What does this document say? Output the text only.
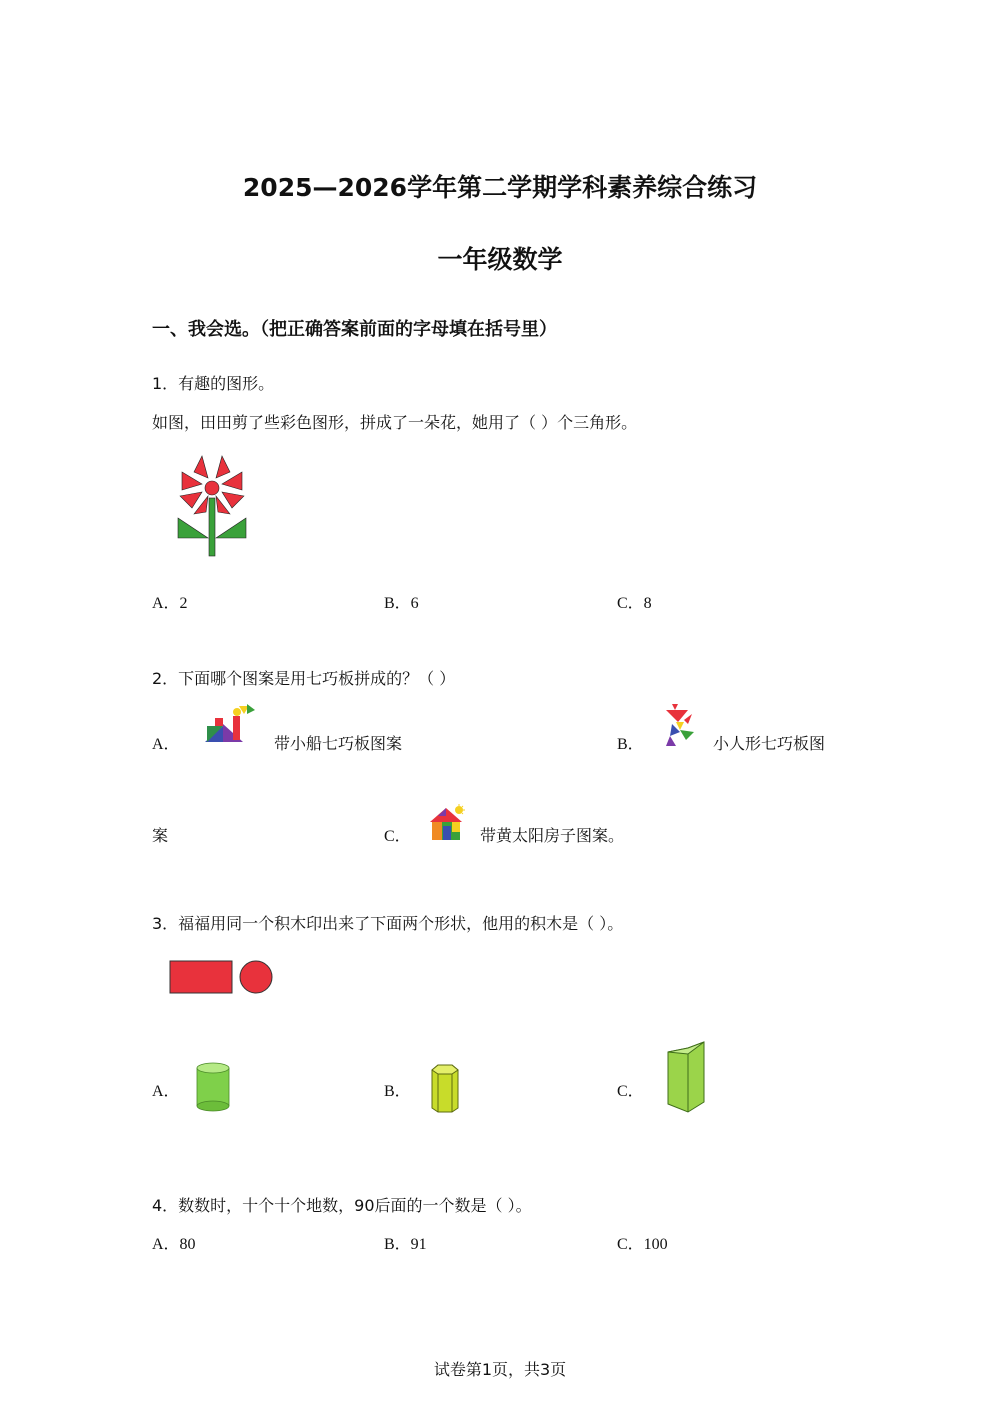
2025—2026学年第二学期学科素养综合练习
一年级数学
一、我会选。（把正确答案前面的字母填在括号里）
1．有趣的图形。
如图，田田剪了些彩色图形，拼成了一朵花，她用了（ ）个三角形。
A．2	B．6	C．8
2．下面哪个图案是用七巧板拼成的？（ ）
A．	带小船七巧板图案	B．	小人形七巧板图
案	C．	带黄太阳房子图案。
3．福福用同一个积木印出来了下面两个形状，他用的积木是（ ）。
A．	B．	C．
4．数数时，十个十个地数，90后面的一个数是（ ）。
A．80	B．91	C．100
试卷第1页，共3页
